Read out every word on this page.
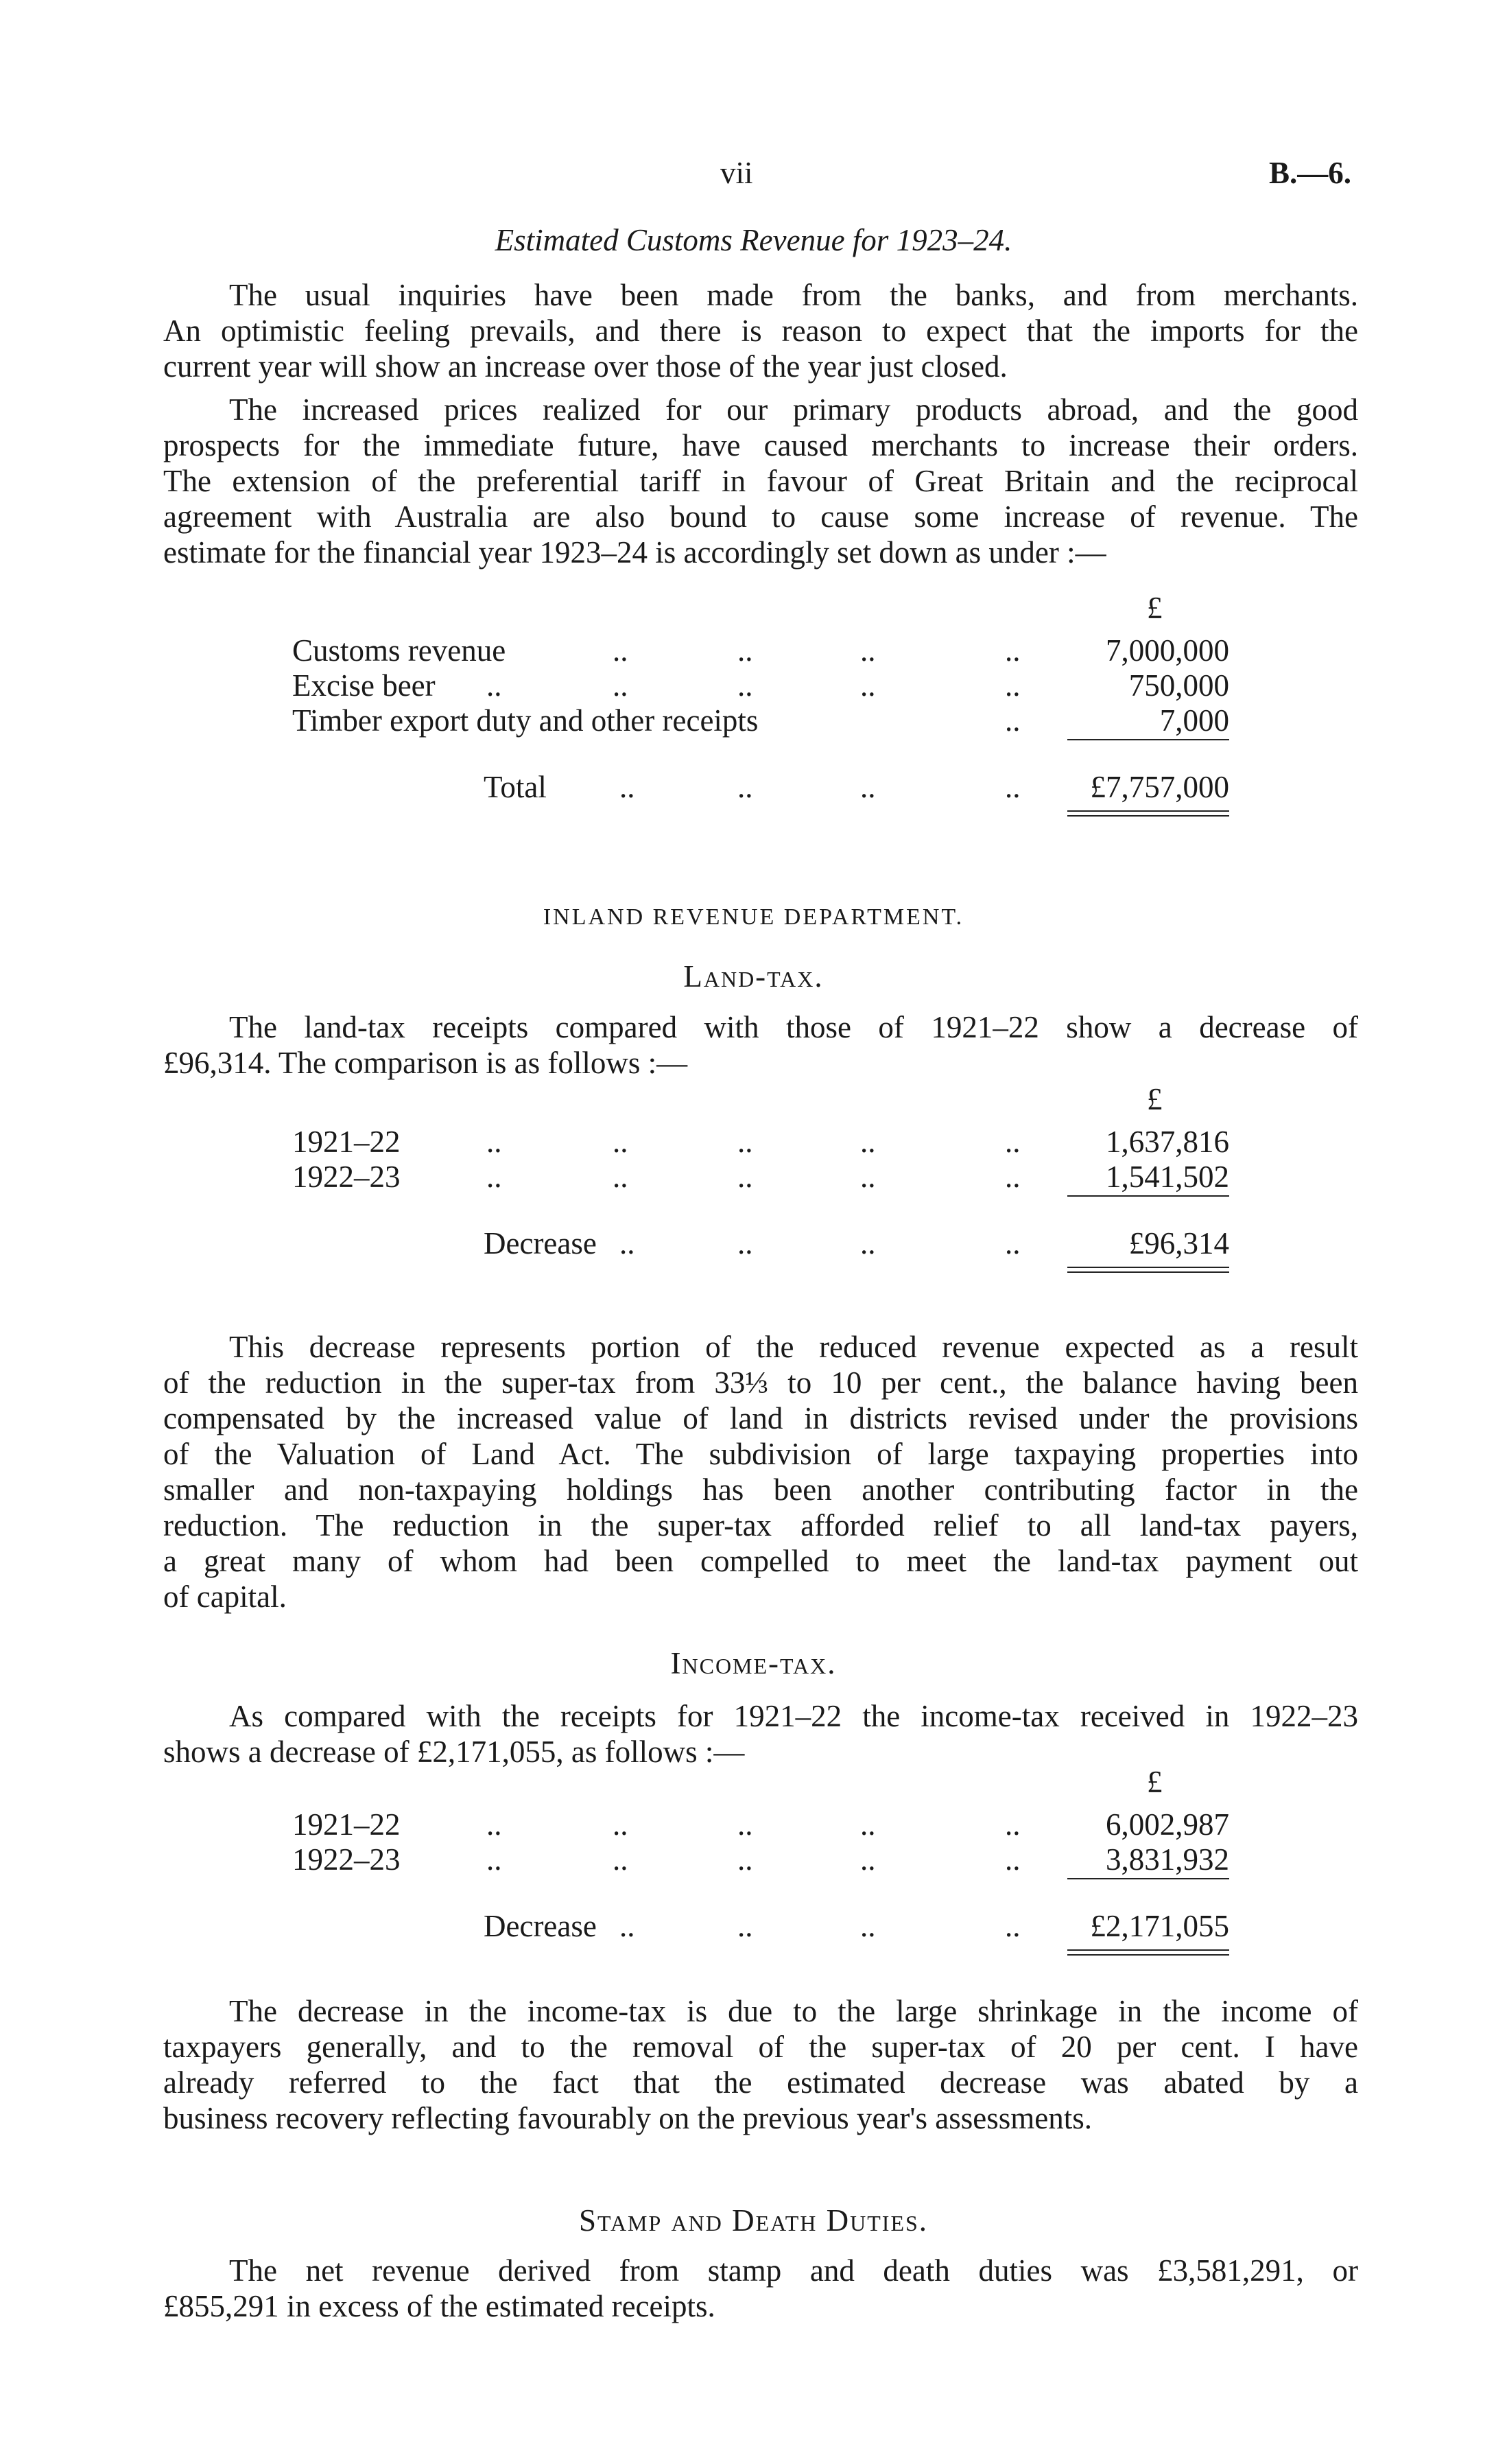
vii	B.—6.
Estimated Customs Revenue for 1923–24.
The usual inquiries have been made from the banks, and from merchants.
An optimistic feeling prevails, and there is reason to expect that the imports for the
current year will show an increase over those of the year just closed.
The increased prices realized for our primary products abroad, and the good
prospects for the immediate future, have caused merchants to increase their orders.
The extension of the preferential tariff in favour of Great Britain and the reciprocal
agreement with Australia are also bound to cause some increase of revenue. The
estimate for the financial year 1923–24 is accordingly set down as under :—
INLAND REVENUE DEPARTMENT.
Land-tax.
The land-tax receipts compared with those of 1921–22 show a decrease of
£96,314. The comparison is as follows :—
This decrease represents portion of the reduced revenue expected as a result
of the reduction in the super-tax from 33⅓ to 10 per cent., the balance having been
compensated by the increased value of land in districts revised under the provisions
of the Valuation of Land Act. The subdivision of large taxpaying properties into
smaller and non-taxpaying holdings has been another contributing factor in the
reduction. The reduction in the super-tax afforded relief to all land-tax payers,
a great many of whom had been compelled to meet the land-tax payment out
of capital.
Income-tax.
As compared with the receipts for 1921–22 the income-tax received in 1922–23
shows a decrease of £2,171,055, as follows :—
The decrease in the income-tax is due to the large shrinkage in the income of
taxpayers generally, and to the removal of the super-tax of 20 per cent. I have
already referred to the fact that the estimated decrease was abated by a
business recovery reflecting favourably on the previous year's assessments.
Stamp and Death Duties.
The net revenue derived from stamp and death duties was £3,581,291, or
£855,291 in excess of the estimated receipts.
£
Customs revenue	..	..	..	..	7,000,000
Excise beer ..	..	..	..	..	750,000
Timber export duty and other receipts	..	7,000
Total ..	..	..	..	£7,757,000
£
1921–22	..	..	..	..	..	1,637,816
1922–23	..	..	..	..	..	1,541,502
Decrease ..	..	..	..	£96,314
£
1921–22	..	..	..	..	..	6,002,987
1922–23	..	..	..	..	..	3,831,932
Decrease ..	..	..	..	£2,171,055
